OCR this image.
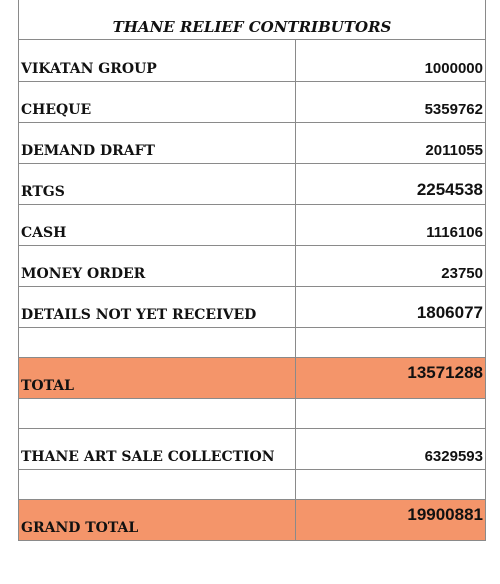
THANE RELIEF CONTRIBUTORS
VIKATAN GROUP	1000000
CHEQUE	5359762
DEMAND DRAFT	2011055
RTGS	2254538
CASH	1116106
MONEY ORDER	23750
DETAILS NOT YET RECEIVED	1806077

TOTAL	13571288

THANE ART SALE COLLECTION	6329593

GRAND TOTAL	19900881
